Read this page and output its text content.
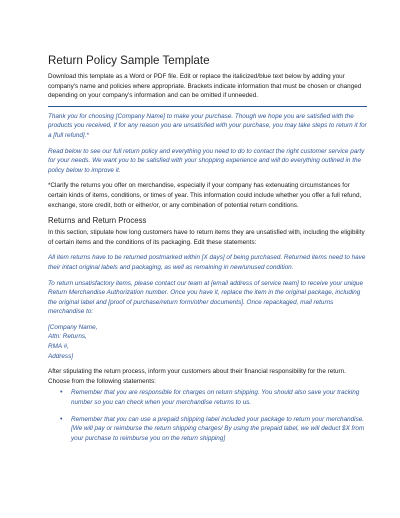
Return Policy Sample Template

Download this template as a Word or PDF file. Edit or replace the italicized/blue text below by adding your company's name and policies where appropriate. Brackets indicate information that must be chosen or changed depending on your company's information and can be omitted if unneeded.

Thank you for choosing [Company Name] to make your purchase. Though we hope you are satisfied with the products you received, if for any reason you are unsatisfied with your purchase, you may take steps to return it for a [full refund].*

Read below to see our full return policy and everything you need to do to contact the right customer service party for your needs. We want you to be satisfied with your shopping experience and will do everything outlined in the policy below to improve it.

*Clarify the returns you offer on merchandise, especially if your company has extenuating circumstances for certain kinds of items, conditions, or times of year. This information could include whether you offer a full refund, exchange, store credit, both or either/or, or any combination of potential return conditions.

Returns and Return Process

In this section, stipulate how long customers have to return items they are unsatisfied with, including the eligibility of certain items and the conditions of its packaging. Edit these statements:

All item returns have to be returned postmarked within [X days] of being purchased. Returned items need to have their intact original labels and packaging, as well as remaining in new/unused condition.

To return unsatisfactory items, please contact our team at [email address of service team] to receive your unique Return Merchandise Authorization number. Once you have it, replace the item in the original package, including the original label and [proof of purchase/return form/other documents]. Once repackaged, mail returns merchandise to:

[Company Name,
Attn: Returns,
RMA #,
Address]

After stipulating the return process, inform your customers about their financial responsibility for the return. Choose from the following statements:

• Remember that you are responsible for charges on return shipping. You should also save your tracking number so you can check when your merchandise returns to us.
• Remember that you can use a prepaid shipping label included your package to return your merchandise. [We will pay or reimburse the return shipping charges/ By using the prepaid label, we will deduct $X from your purchase to reimburse you on the return shipping]
